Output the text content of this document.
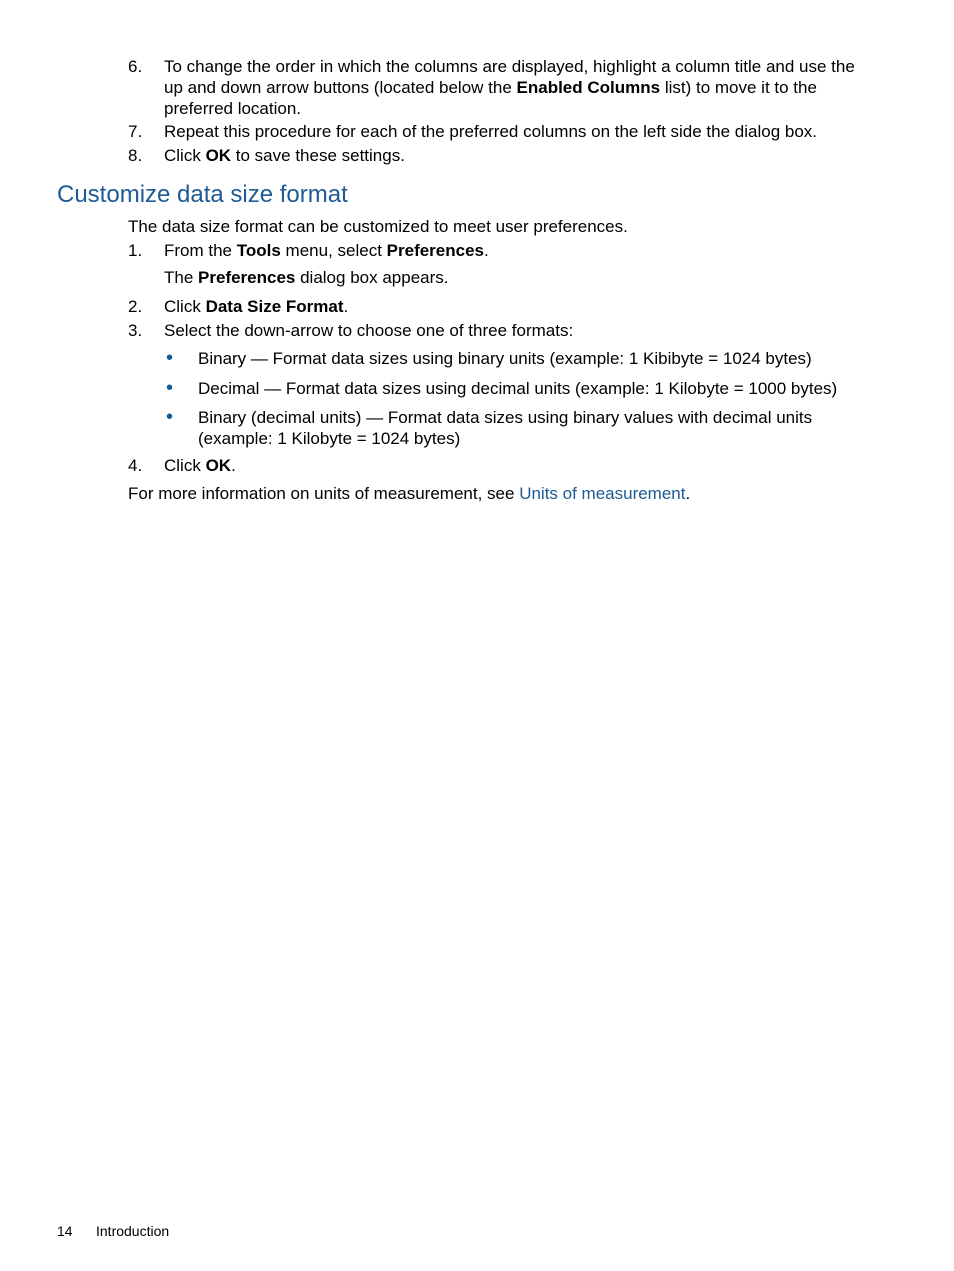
6. To change the order in which the columns are displayed, highlight a column title and use the up and down arrow buttons (located below the Enabled Columns list) to move it to the preferred location.
7. Repeat this procedure for each of the preferred columns on the left side the dialog box.
8. Click OK to save these settings.
Customize data size format
The data size format can be customized to meet user preferences.
1. From the Tools menu, select Preferences.
The Preferences dialog box appears.
2. Click Data Size Format.
3. Select the down-arrow to choose one of three formats:
• Binary — Format data sizes using binary units (example: 1 Kibibyte = 1024 bytes)
• Decimal — Format data sizes using decimal units (example: 1 Kilobyte = 1000 bytes)
• Binary (decimal units) — Format data sizes using binary values with decimal units (example: 1 Kilobyte = 1024 bytes)
4. Click OK.
For more information on units of measurement, see Units of measurement.
14 Introduction
